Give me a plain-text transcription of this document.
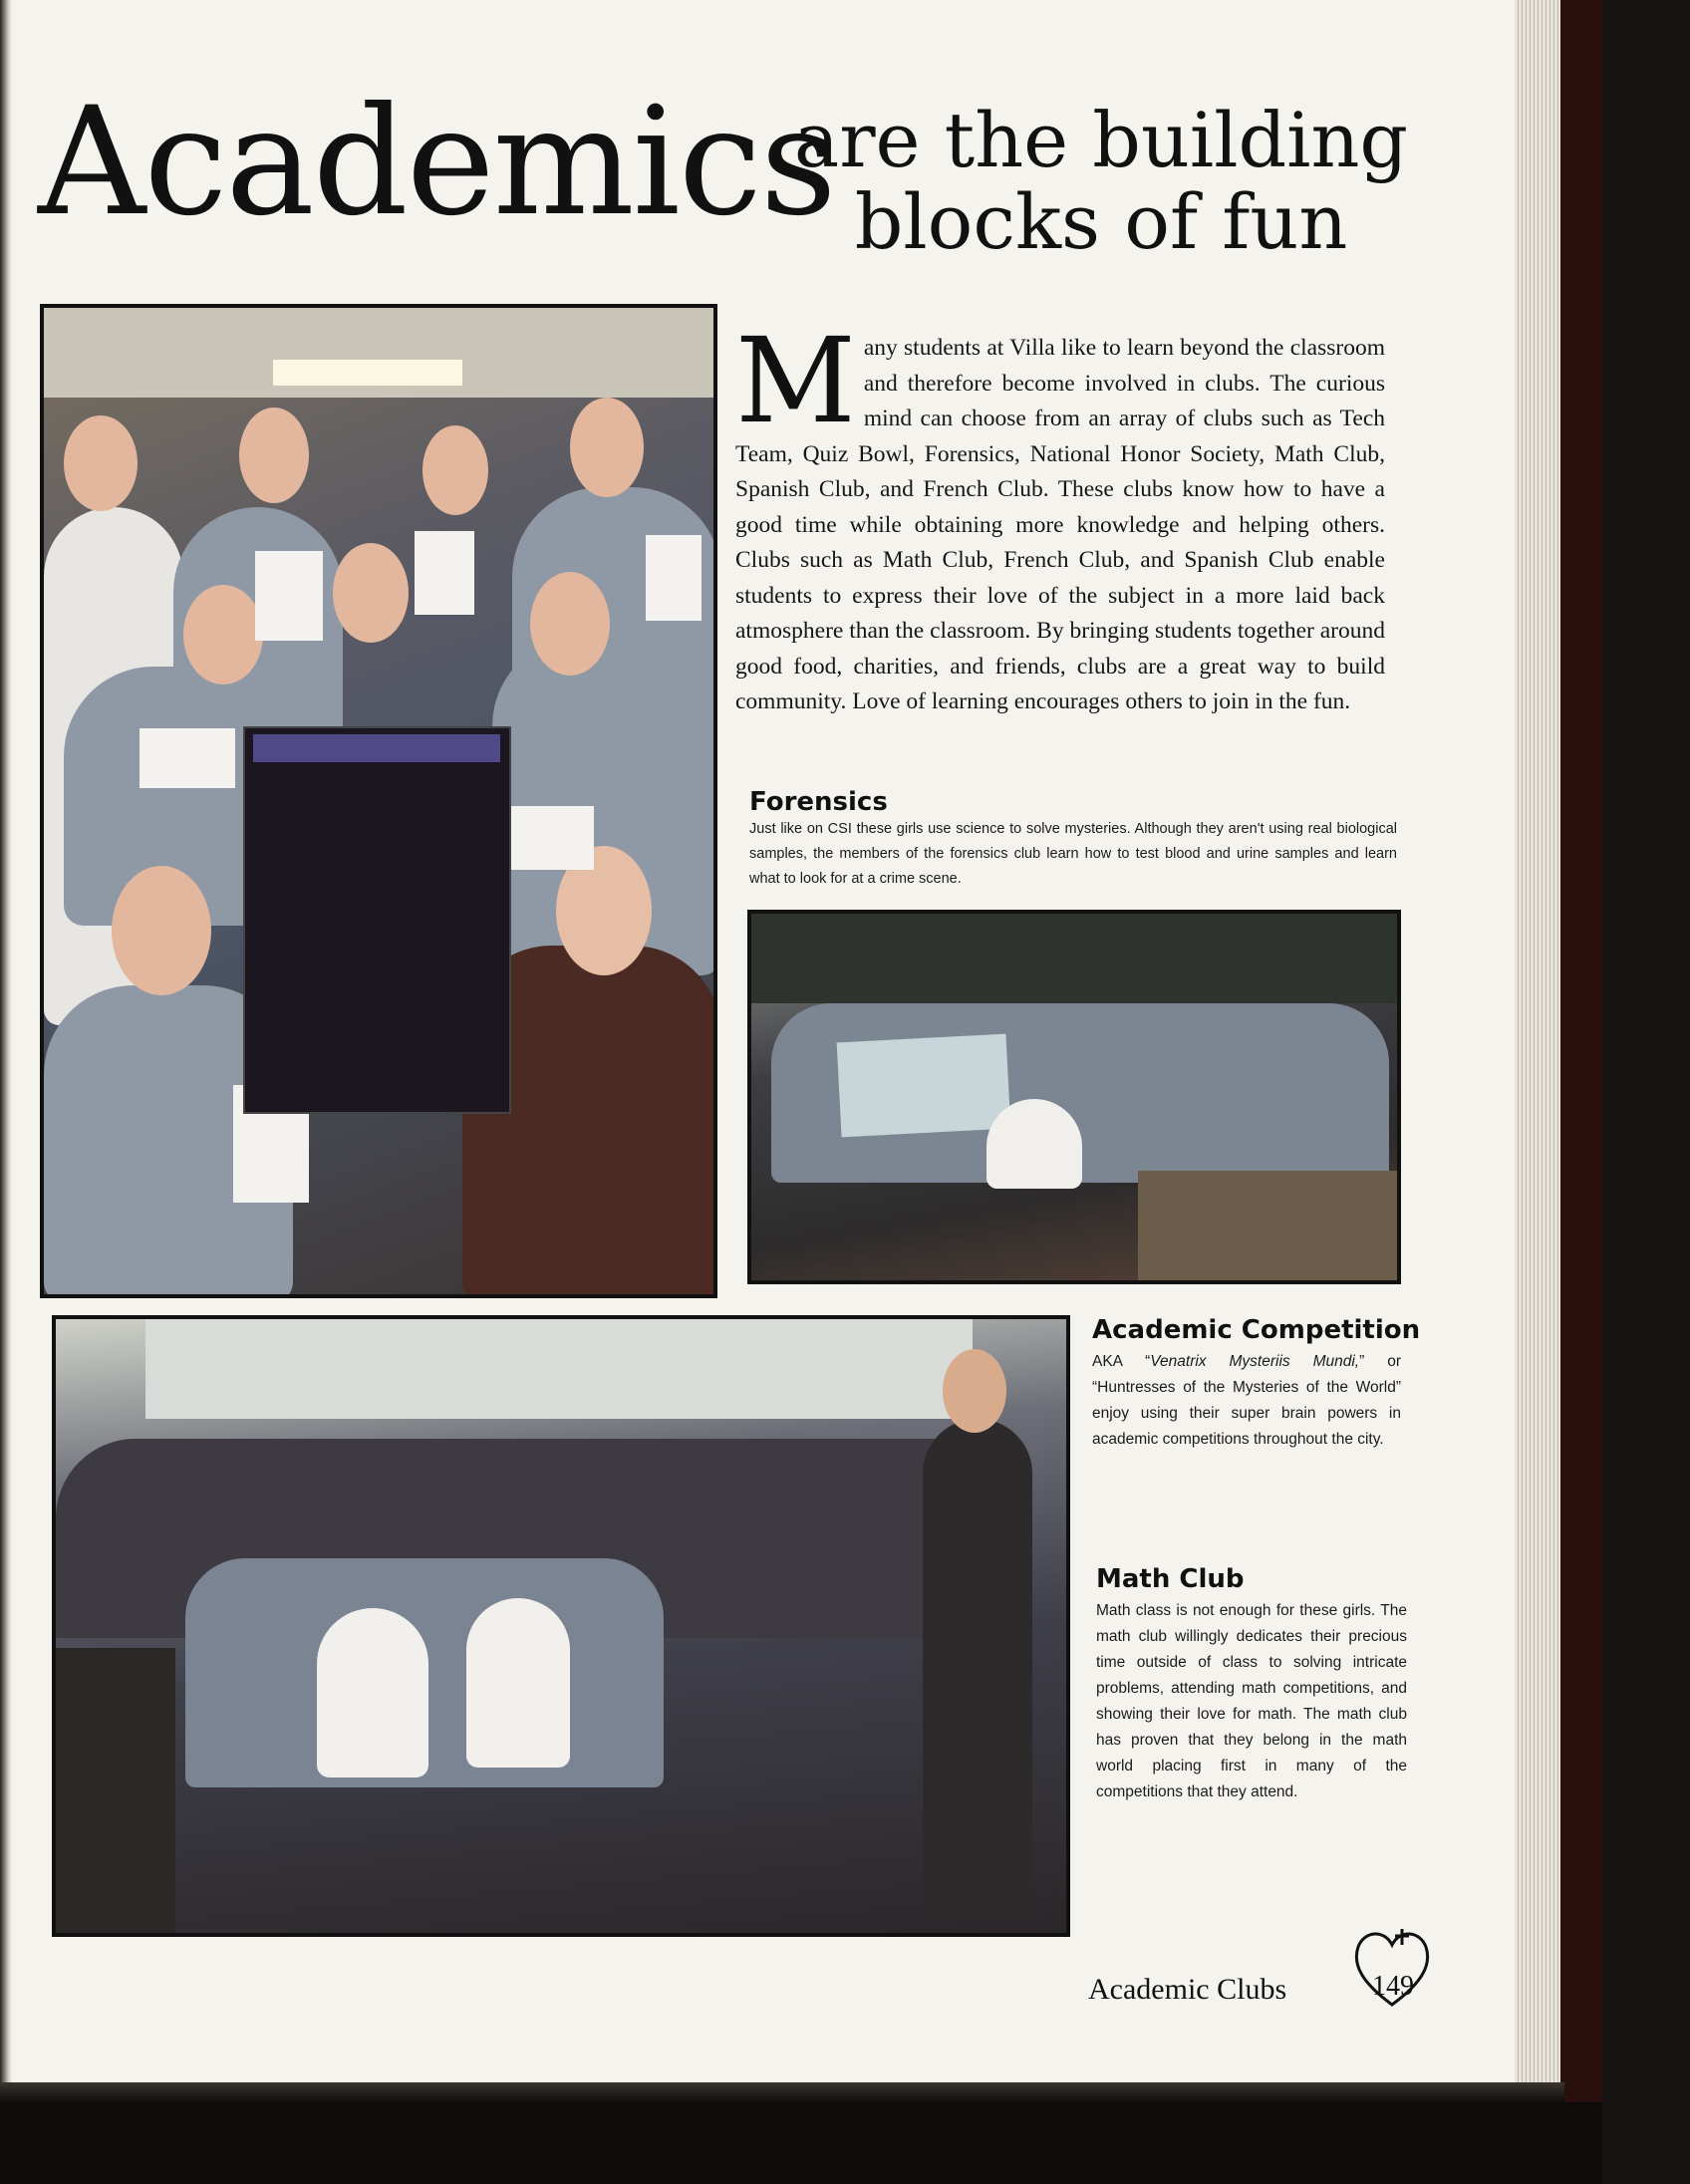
Academics
are the building
blocks of fun
Many students at Villa like to learn beyond the classroom and therefore become involved in clubs. The curious mind can choose from an array of clubs such as Tech Team, Quiz Bowl, Forensics, National Honor Society, Math Club, Spanish Club, and French Club. These clubs know how to have a good time while obtaining more knowledge and helping others. Clubs such as Math Club, French Club, and Spanish Club enable students to express their love of the subject in a more laid back atmosphere than the classroom. By bringing students together around good food, charities, and friends, clubs are a great way to build community. Love of learning encourages others to join in the fun.
Forensics

Just like on CSI these girls use science to solve mysteries. Although they aren't using real biological samples, the members of the forensics club learn how to test blood and urine samples and learn what to look for at a crime scene.

Academic Competition

AKA “Venatrix Mysteriis Mundi,” or “Huntresses of the Mysteries of the World” enjoy using their super brain powers in academic competitions throughout the city.

Math Club

Math class is not enough for these girls. The math club willingly dedicates their precious time outside of class to solving intricate problems, attending math competitions, and showing their love for math. The math club has proven that they belong in the math world placing first in many of the competitions that they attend.

Academic Clubs	149
